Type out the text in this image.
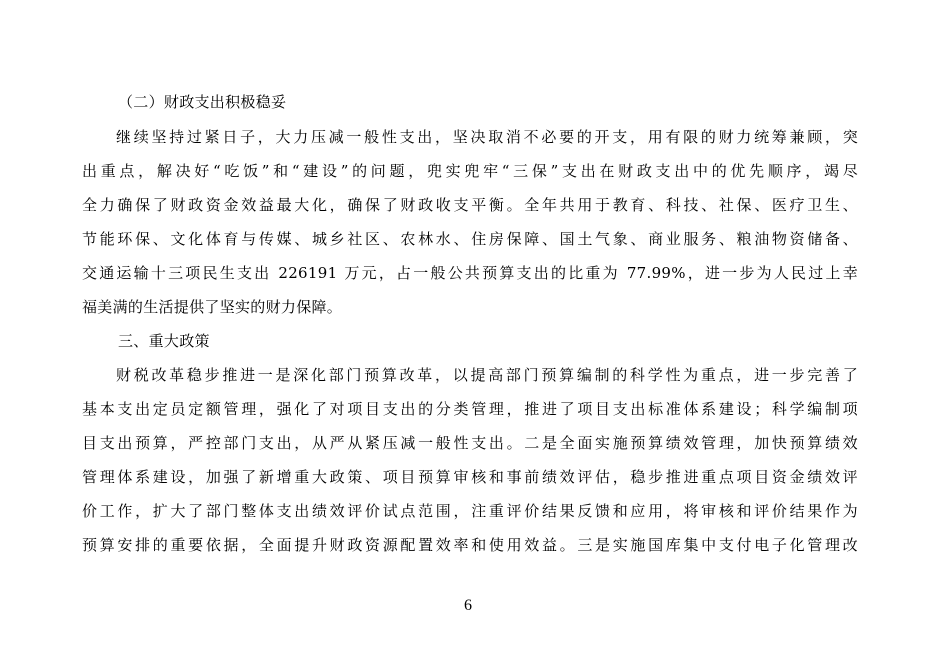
（二）财政支出积极稳妥
继续坚持过紧日子，大力压减一般性支出，坚决取消不必要的开支，用有限的财力统筹兼顾，突
出重点，解决好“吃饭”和“建设”的问题，兜实兜牢“三保”支出在财政支出中的优先顺序，竭尽
全力确保了财政资金效益最大化，确保了财政收支平衡。全年共用于教育、科技、社保、医疗卫生、
节能环保、文化体育与传媒、城乡社区、农林水、住房保障、国土气象、商业服务、粮油物资储备、
交通运输十三项民生支出 226191 万元，占一般公共预算支出的比重为 77.99%，进一步为人民过上幸
福美满的生活提供了坚实的财力保障。
三、重大政策
财税改革稳步推进一是深化部门预算改革，以提高部门预算编制的科学性为重点，进一步完善了
基本支出定员定额管理，强化了对项目支出的分类管理，推进了项目支出标准体系建设；科学编制项
目支出预算，严控部门支出，从严从紧压减一般性支出。二是全面实施预算绩效管理，加快预算绩效
管理体系建设，加强了新增重大政策、项目预算审核和事前绩效评估，稳步推进重点项目资金绩效评
价工作，扩大了部门整体支出绩效评价试点范围，注重评价结果反馈和应用，将审核和评价结果作为
预算安排的重要依据，全面提升财政资源配置效率和使用效益。三是实施国库集中支付电子化管理改
6
